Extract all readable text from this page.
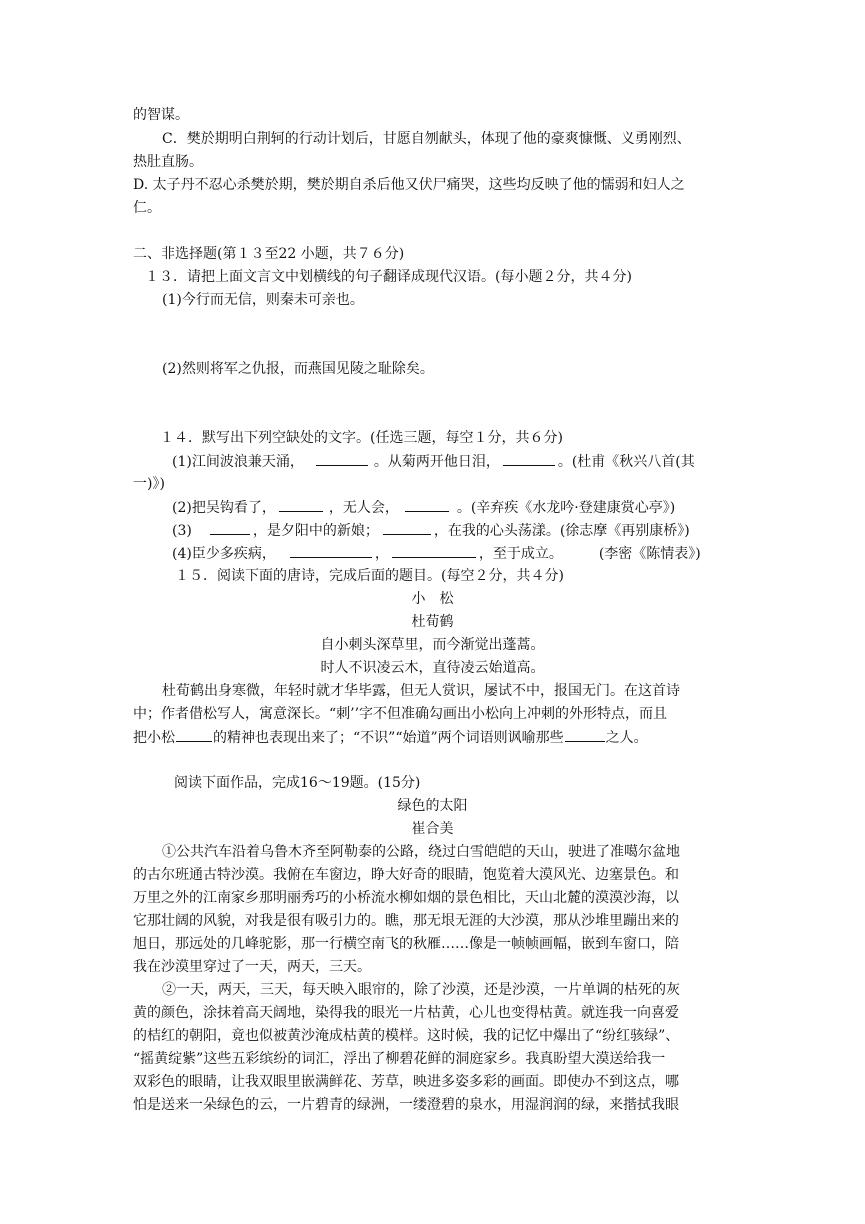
的智谋。
C．樊於期明白荆轲的行动计划后，甘愿自刎献头，体现了他的豪爽慷慨、义勇刚烈、
热肚直肠。
D. 太子丹不忍心杀樊於期，樊於期自杀后他又伏尸痛哭，这些均反映了他的懦弱和妇人之
仁。
二、非选择题(第１３至22 小题，共７６分)
１３．请把上面文言文中划横线的句子翻译成现代汉语。(每小题２分，共４分)
(1)今行而无信，则秦未可亲也。
(2)然则将军之仇报，而燕国见陵之耻除矣。
１４．默写出下列空缺处的文字。(任选三题，每空１分，共６分)
(1)江间波浪兼天涌，	。从菊两开他日泪，	。(杜甫《秋兴八首(其
一)》)
(2)把吴钩看了，	，无人会，	。(辛弃疾《水龙吟·登建康赏心亭》)
(3)	，是夕阳中的新娘；	，在我的心头荡漾。(徐志摩《再别康桥》)
(4)臣少多疾病，	，	，至于成立。	(李密《陈情表》)
１５．阅读下面的唐诗，完成后面的题目。(每空２分，共４分)
小　松
杜荀鹤
自小刺头深草里，而今渐觉出蓬蒿。
时人不识凌云木，直待凌云始道高。
杜荀鹤出身寒微，年轻时就才华毕露，但无人赏识，屡试不中，报国无门。在这首诗
中；作者借松写人，寓意深长。“刺’’字不但准确勾画出小松向上冲刺的外形特点，而且
把小松	的精神也表现出来了；“不识”“始道”两个词语则讽喻那些	之人。
阅读下面作品，完成16～19题。(15分)
绿色的太阳
崔合美
①公共汽车沿着乌鲁木齐至阿勒泰的公路，绕过白雪皑皑的天山，驶进了准噶尔盆地
的古尔班通古特沙漠。我俯在车窗边，睁大好奇的眼睛，饱览着大漠风光、边塞景色。和
万里之外的江南家乡那明丽秀巧的小桥流水柳如烟的景色相比，天山北麓的漠漠沙海，以
它那壮阔的风貌，对我是很有吸引力的。瞧，那无垠无涯的大沙漠，那从沙堆里蹦出来的
旭日，那远处的几峰驼影，那一行横空南飞的秋雁……像是一帧帧画幅，嵌到车窗口，陪
我在沙漠里穿过了一天，两天，三天。
②一天，两天，三天，每天映入眼帘的，除了沙漠，还是沙漠，一片单调的枯死的灰
黄的颜色，涂抹着高天阔地，染得我的眼光一片枯黄，心儿也变得枯黄。就连我一向喜爱
的桔红的朝阳，竟也似被黄沙淹成枯黄的模样。这时候，我的记忆中爆出了“纷红骇绿”、
“摇黄绽紫”这些五彩缤纷的词汇，浮出了柳碧花鲜的洞庭家乡。我真盼望大漠送给我一
双彩色的眼睛，让我双眼里嵌满鲜花、芳草，映进多姿多彩的画面。即使办不到这点，哪
怕是送来一朵绿色的云，一片碧青的绿洲，一缕澄碧的泉水，用湿润润的绿，来揩拭我眼
